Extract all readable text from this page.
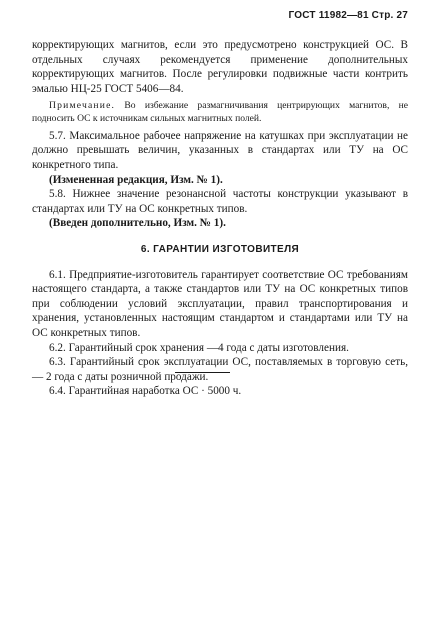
ГОСТ 11982—81 Стр. 27

корректирующих магнитов, если это предусмотрено конструкцией ОС. В отдельных случаях рекомендуется применение дополнительных корректирующих магнитов. После регулировки подвижные части контрить эмалью НЦ-25 ГОСТ 5406—84.

Примечание. Во избежание размагничивания центрирующих магнитов, не подносить ОС к источникам сильных магнитных полей.

5.7. Максимальное рабочее напряжение на катушках при эксплуатации не должно превышать величин, указанных в стандартах или ТУ на ОС конкретного типа.

(Измененная редакция, Изм. № 1).

5.8. Нижнее значение резонансной частоты конструкции указывают в стандартах или ТУ на ОС конкретных типов.

(Введен дополнительно, Изм. № 1).

6. ГАРАНТИИ ИЗГОТОВИТЕЛЯ

6.1. Предприятие-изготовитель гарантирует соответствие ОС требованиям настоящего стандарта, а также стандартов или ТУ на ОС конкретных типов при соблюдении условий эксплуатации, правил транспортирования и хранения, установленных настоящим стандартом и стандартами или ТУ на ОС конкретных типов.

6.2. Гарантийный срок хранения —4 года с даты изготовления.

6.3. Гарантийный срок эксплуатации ОС, поставляемых в торговую сеть, — 2 года с даты розничной продажи.

6.4. Гарантийная наработка ОС · 5000 ч.
